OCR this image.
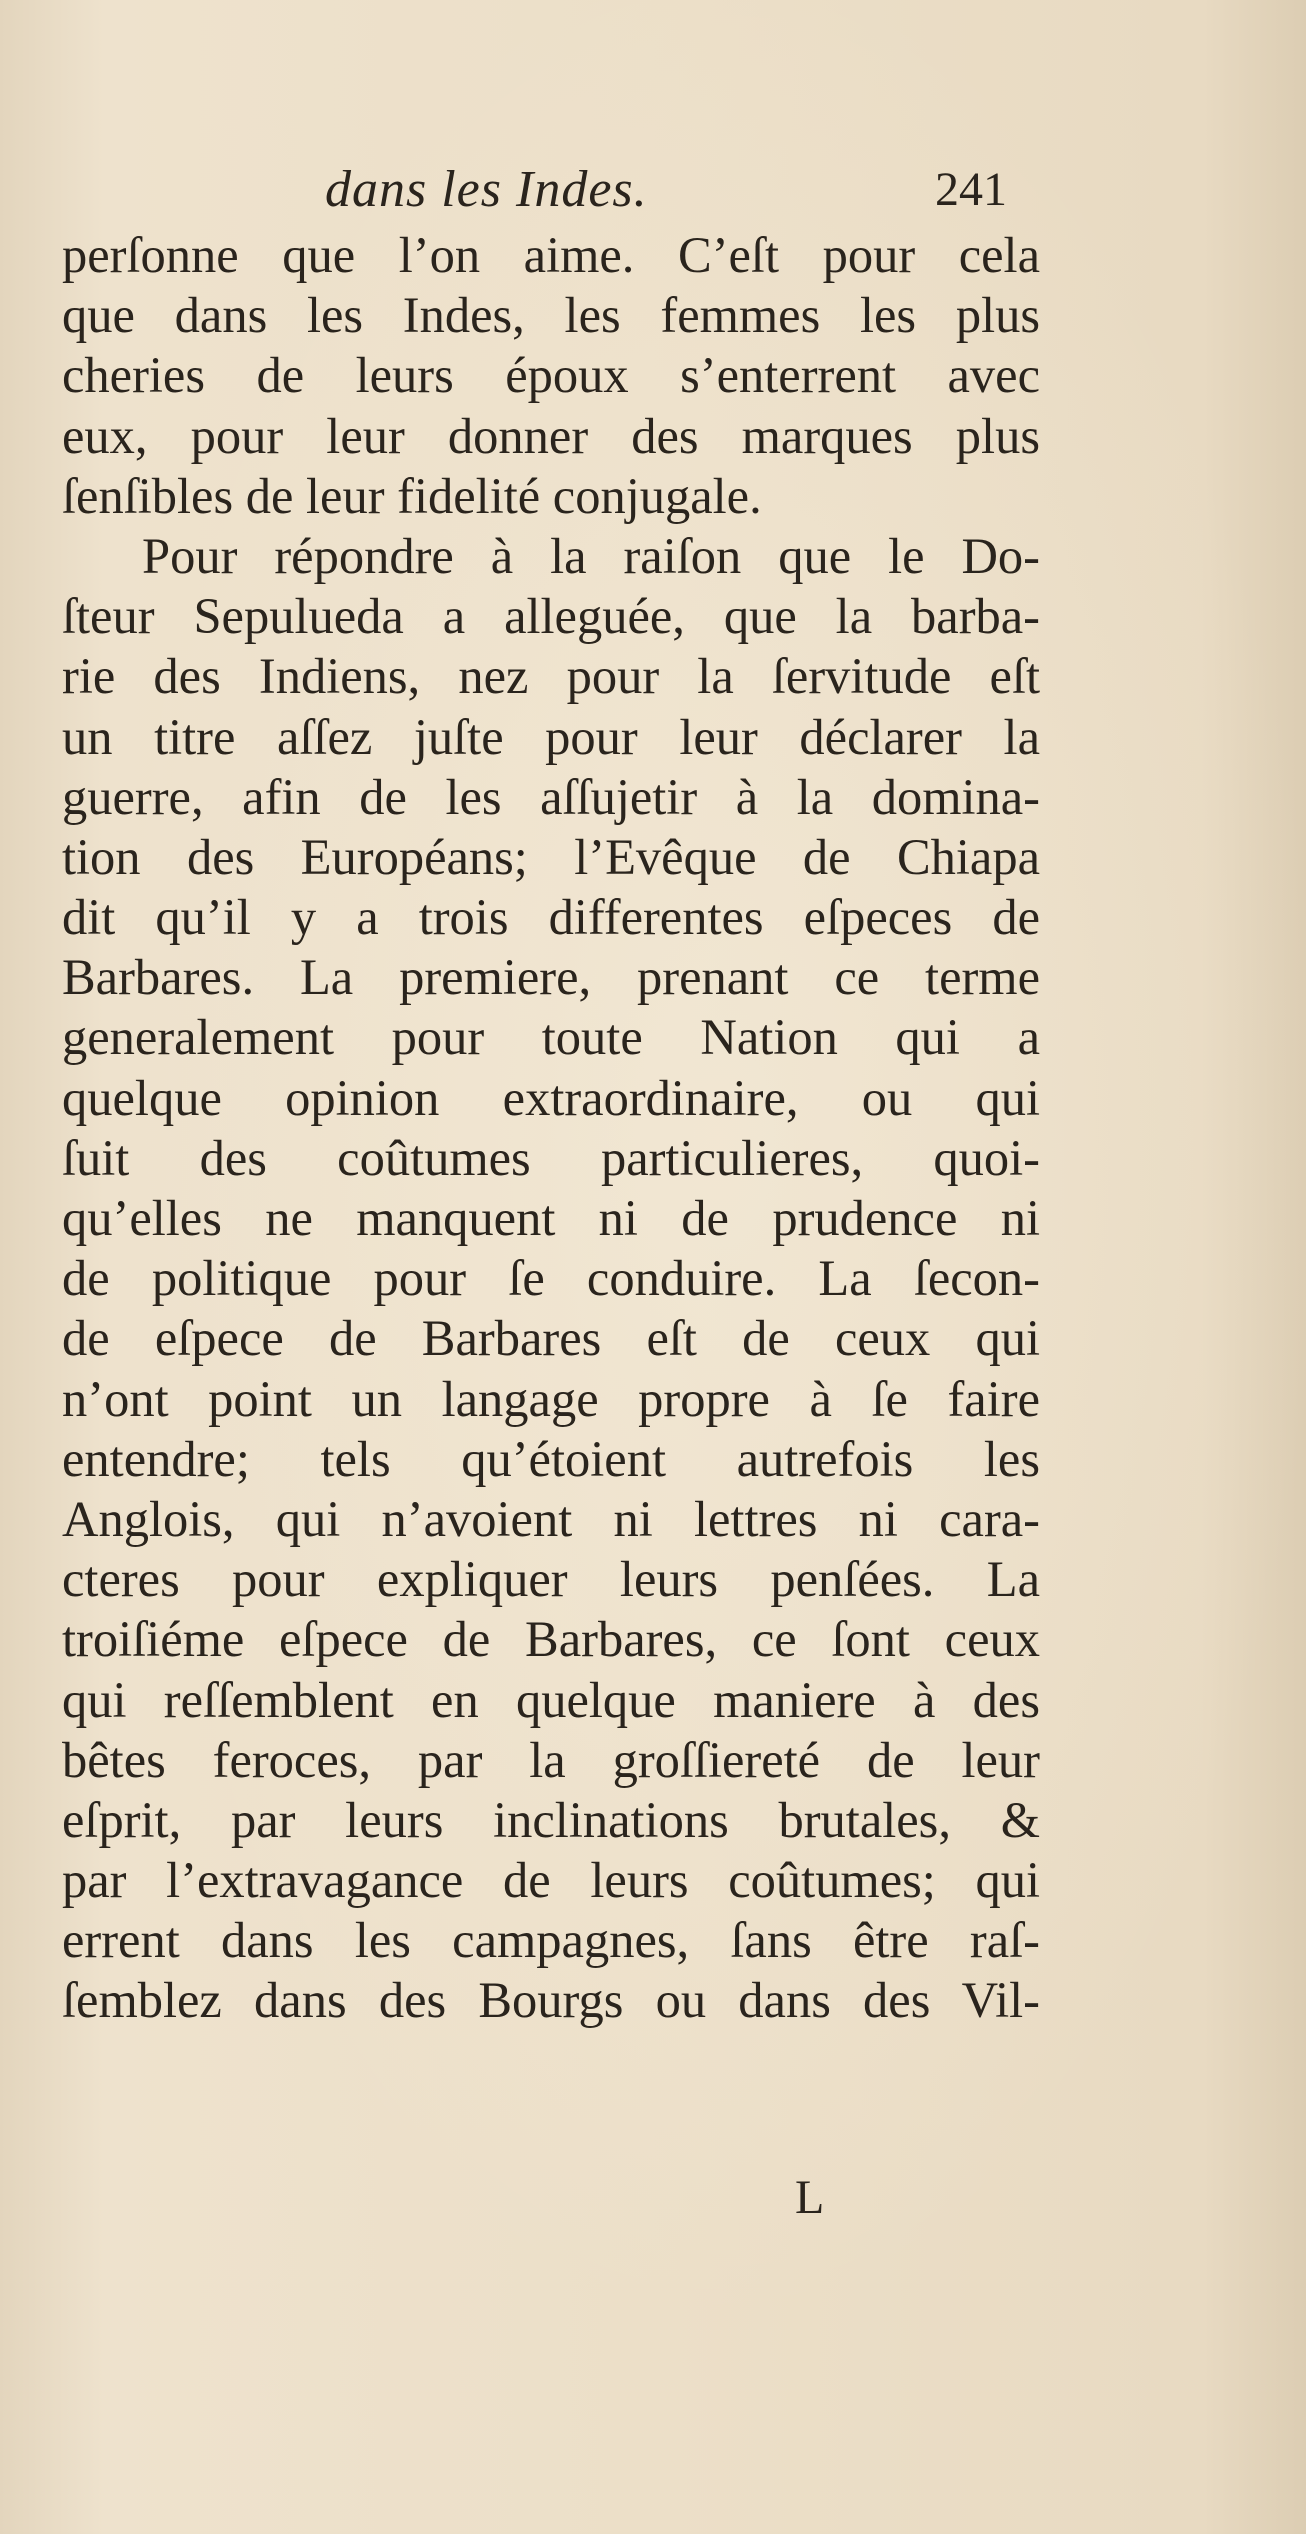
dans les Indes.	241
perſonne que l’on aime. C’eſt pour cela
que dans les Indes, les femmes les plus
cheries de leurs époux s’enterrent avec
eux, pour leur donner des marques plus
ſenſibles de leur fidelité conjugale.
Pour répondre à la raiſon que le Do-
ſteur Sepulueda a alleguée, que la barba-
rie des Indiens, nez pour la ſervitude eſt
un titre aſſez juſte pour leur déclarer la
guerre, afin de les aſſujetir à la domina-
tion des Européans; l’Evêque de Chiapa
dit qu’il y a trois differentes eſpeces de
Barbares. La premiere, prenant ce terme
generalement pour toute Nation qui a
quelque opinion extraordinaire, ou qui
ſuit des coûtumes particulieres, quoi-
qu’elles ne manquent ni de prudence ni
de politique pour ſe conduire. La ſecon-
de eſpece de Barbares eſt de ceux qui
n’ont point un langage propre à ſe faire
entendre; tels qu’étoient autrefois les
Anglois, qui n’avoient ni lettres ni cara-
cteres pour expliquer leurs penſées. La
troiſiéme eſpece de Barbares, ce ſont ceux
qui reſſemblent en quelque maniere à des
bêtes feroces, par la groſſiereté de leur
eſprit, par leurs inclinations brutales, &
par l’extravagance de leurs coûtumes; qui
errent dans les campagnes, ſans être raſ-
ſemblez dans des Bourgs ou dans des Vil-
L
